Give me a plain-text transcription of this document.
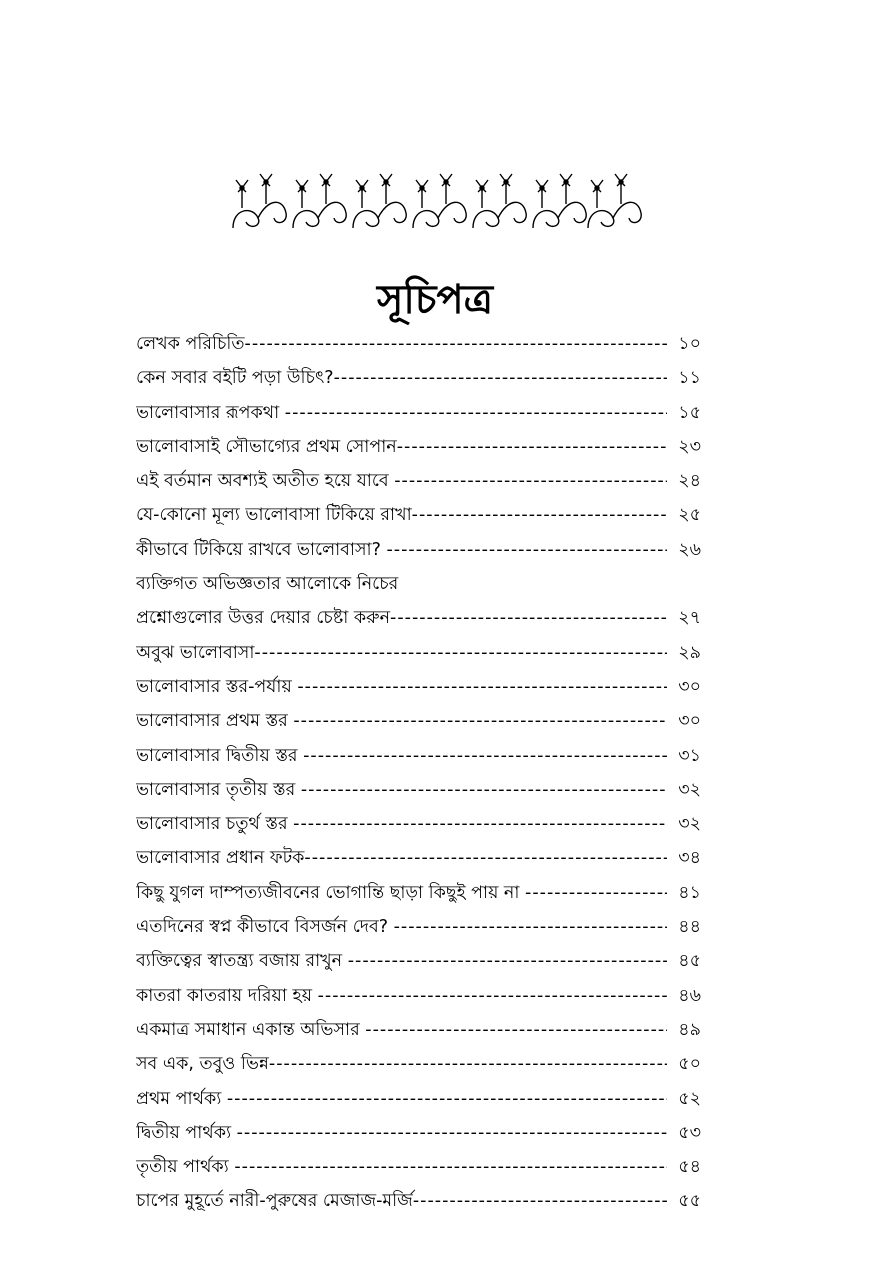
সূচিপত্র
লেখক পরিচিতি -----	১০
কেন সবার বইটি পড়া উচিৎ? -----	১১
ভালোবাসার রূপকথা -----	১৫
ভালোবাসাই সৌভাগ্যের প্রথম সোপান -----	২৩
এই বর্তমান অবশ্যই অতীত হয়ে যাবে -----	২৪
যে-কোনো মূল্য ভালোবাসা টিকিয়ে রাখা -----	২৫
কীভাবে টিকিয়ে রাখবে ভালোবাসা? -----	২৬
ব্যক্তিগত অভিজ্ঞতার আলোকে নিচের
প্রশ্নোগুলোর উত্তর দেয়ার চেষ্টা করুন -----	২৭
অবুঝ ভালোবাসা -----	২৯
ভালোবাসার স্তর-পর্যায় -----	৩০
ভালোবাসার প্রথম স্তর -----	৩০
ভালোবাসার দ্বিতীয় স্তর -----	৩১
ভালোবাসার তৃতীয় স্তর -----	৩২
ভালোবাসার চতুর্থ স্তর -----	৩২
ভালোবাসার প্রধান ফটক -----	৩৪
কিছু যুগল দাম্পত্যজীবনের ভোগান্তি ছাড়া কিছুই পায় না -----	৪১
এতদিনের স্বপ্ন কীভাবে বিসর্জন দেব? -----	৪৪
ব্যক্তিত্বের স্বাতন্ত্র্য বজায় রাখুন -----	৪৫
কাতরা কাতরায় দরিয়া হয় -----	৪৬
একমাত্র সমাধান একান্ত অভিসার -----	৪৯
সব এক, তবুও ভিন্ন -----	৫০
প্রথম পার্থক্য -----	৫২
দ্বিতীয় পার্থক্য -----	৫৩
তৃতীয় পার্থক্য -----	৫৪
চাপের মুহূর্তে নারী-পুরুষের মেজাজ-মর্জি -----	৫৫
